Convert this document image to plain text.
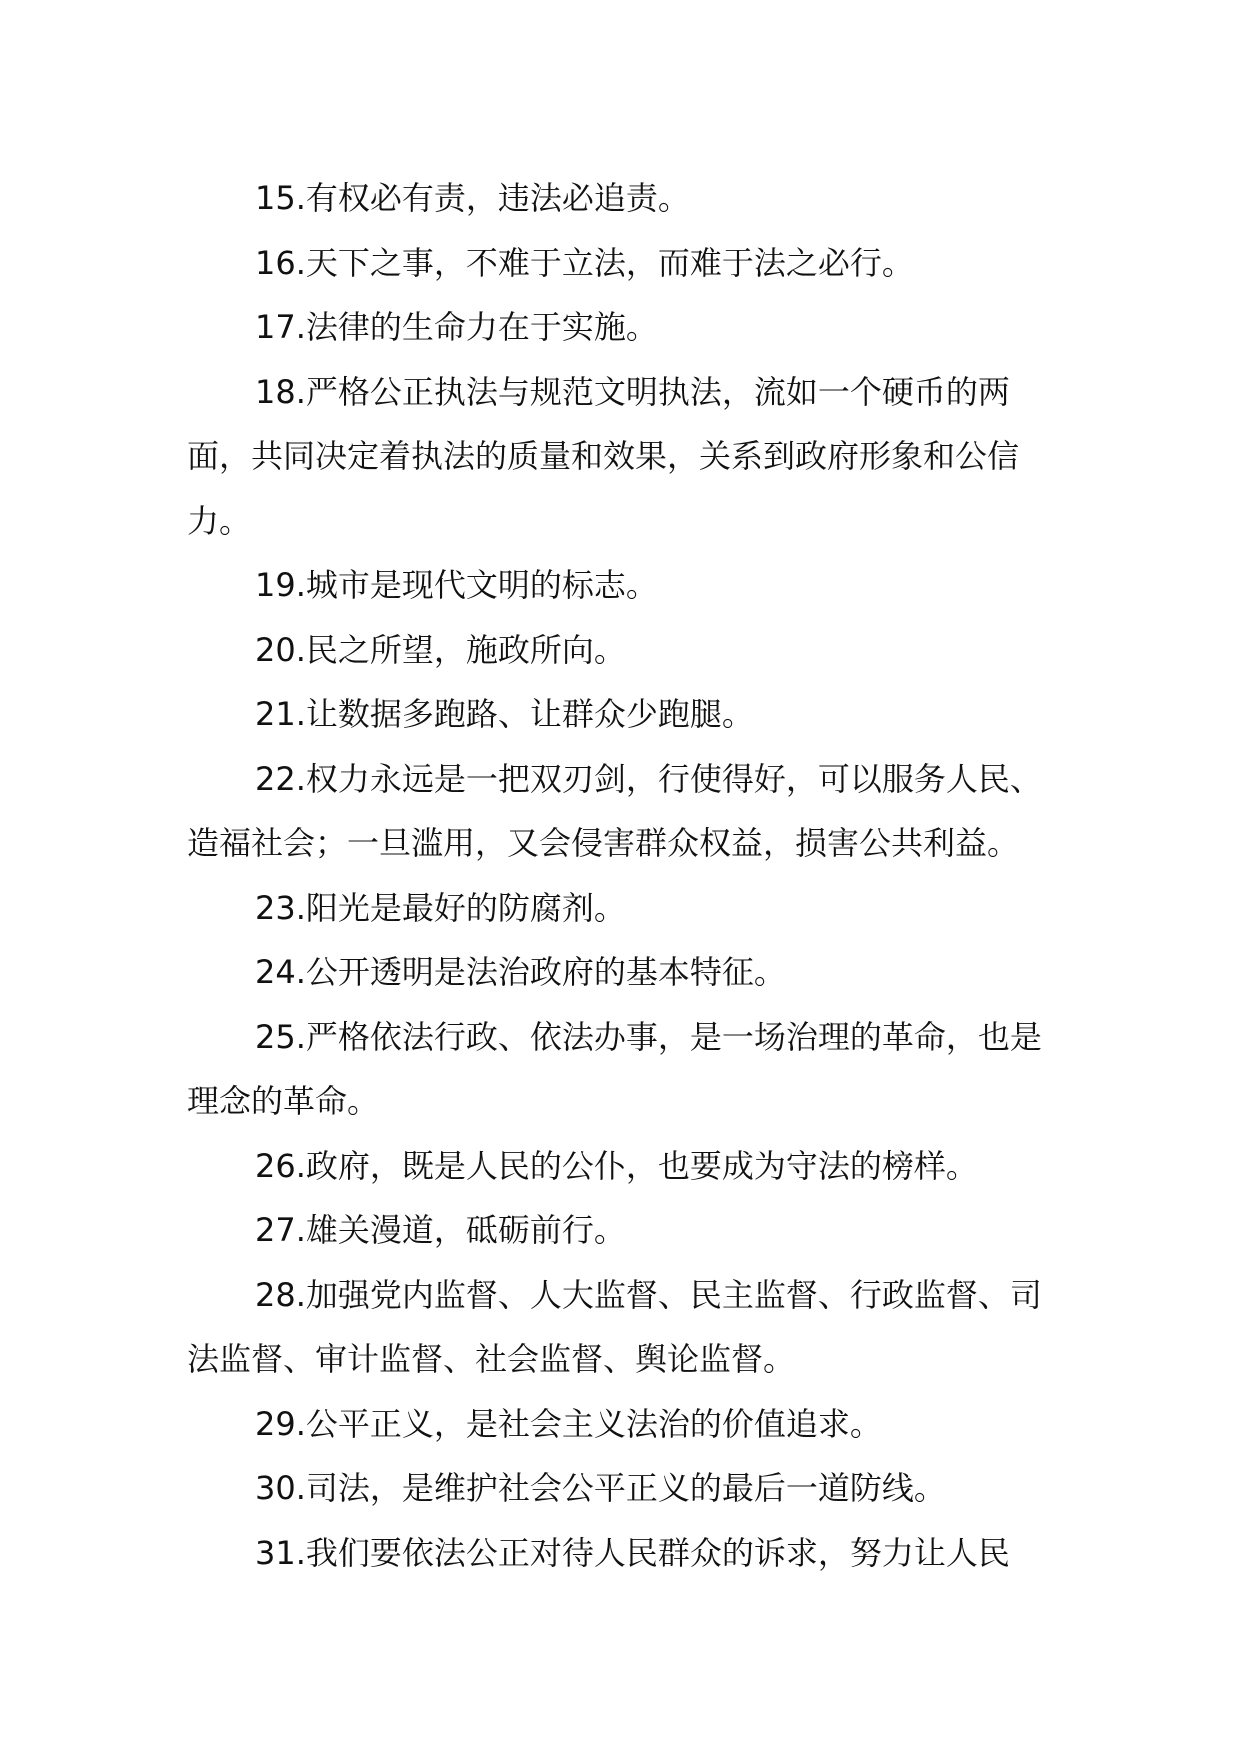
15.有权必有责，违法必追责。

16.天下之事，不难于立法，而难于法之必行。

17.法律的生命力在于实施。

18.严格公正执法与规范文明执法，流如一个硬币的两面，共同决定着执法的质量和效果，关系到政府形象和公信力。

19.城市是现代文明的标志。

20.民之所望，施政所向。

21.让数据多跑路、让群众少跑腿。

22.权力永远是一把双刃剑，行使得好，可以服务人民、造福社会；一旦滥用，又会侵害群众权益，损害公共利益。

23.阳光是最好的防腐剂。

24.公开透明是法治政府的基本特征。

25.严格依法行政、依法办事，是一场治理的革命，也是理念的革命。

26.政府，既是人民的公仆，也要成为守法的榜样。

27.雄关漫道，砥砺前行。

28.加强党内监督、人大监督、民主监督、行政监督、司法监督、审计监督、社会监督、舆论监督。

29.公平正义，是社会主义法治的价值追求。

30.司法，是维护社会公平正义的最后一道防线。

31.我们要依法公正对待人民群众的诉求，努力让人民
